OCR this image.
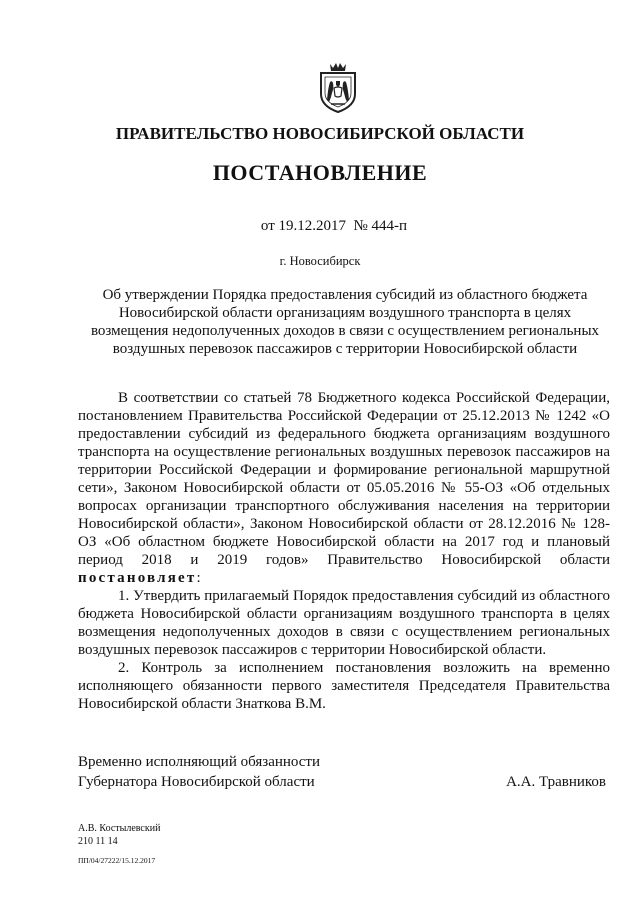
ПРАВИТЕЛЬСТВО НОВОСИБИРСКОЙ ОБЛАСТИ
ПОСТАНОВЛЕНИЕ
от 19.12.2017 № 444-п
г. Новосибирск
Об утверждении Порядка предоставления субсидий из областного бюджета
Новосибирской области организациям воздушного транспорта в целях
возмещения недополученных доходов в связи с осуществлением региональных
воздушных перевозок пассажиров с территории Новосибирской области

В соответствии со статьей 78 Бюджетного кодекса Российской Федерации, постановлением Правительства Российской Федерации от 25.12.2013 № 1242 «О предоставлении субсидий из федерального бюджета организациям воздушного транспорта на осуществление региональных воздушных перевозок пассажиров на территории Российской Федерации и формирование региональной маршрутной сети», Законом Новосибирской области от 05.05.2016 № 55-ОЗ «Об отдельных вопросах организации транспортного обслуживания населения на территории Новосибирской области», Законом Новосибирской области от 28.12.2016 № 128-ОЗ «Об областном бюджете Новосибирской области на 2017 год и плановый период 2018 и 2019 годов» Правительство Новосибирской области постановляет:

1. Утвердить прилагаемый Порядок предоставления субсидий из областного бюджета Новосибирской области организациям воздушного транспорта в целях возмещения недополученных доходов в связи с осуществлением региональных воздушных перевозок пассажиров с территории Новосибирской области.

2. Контроль за исполнением постановления возложить на временно исполняющего обязанности первого заместителя Председателя Правительства Новосибирской области Знаткова В.М.

Временно исполняющий обязанности
Губернатора Новосибирской области	А.А. Травников
А.В. Костылевский
210 11 14
ПП/04/27222/15.12.2017
